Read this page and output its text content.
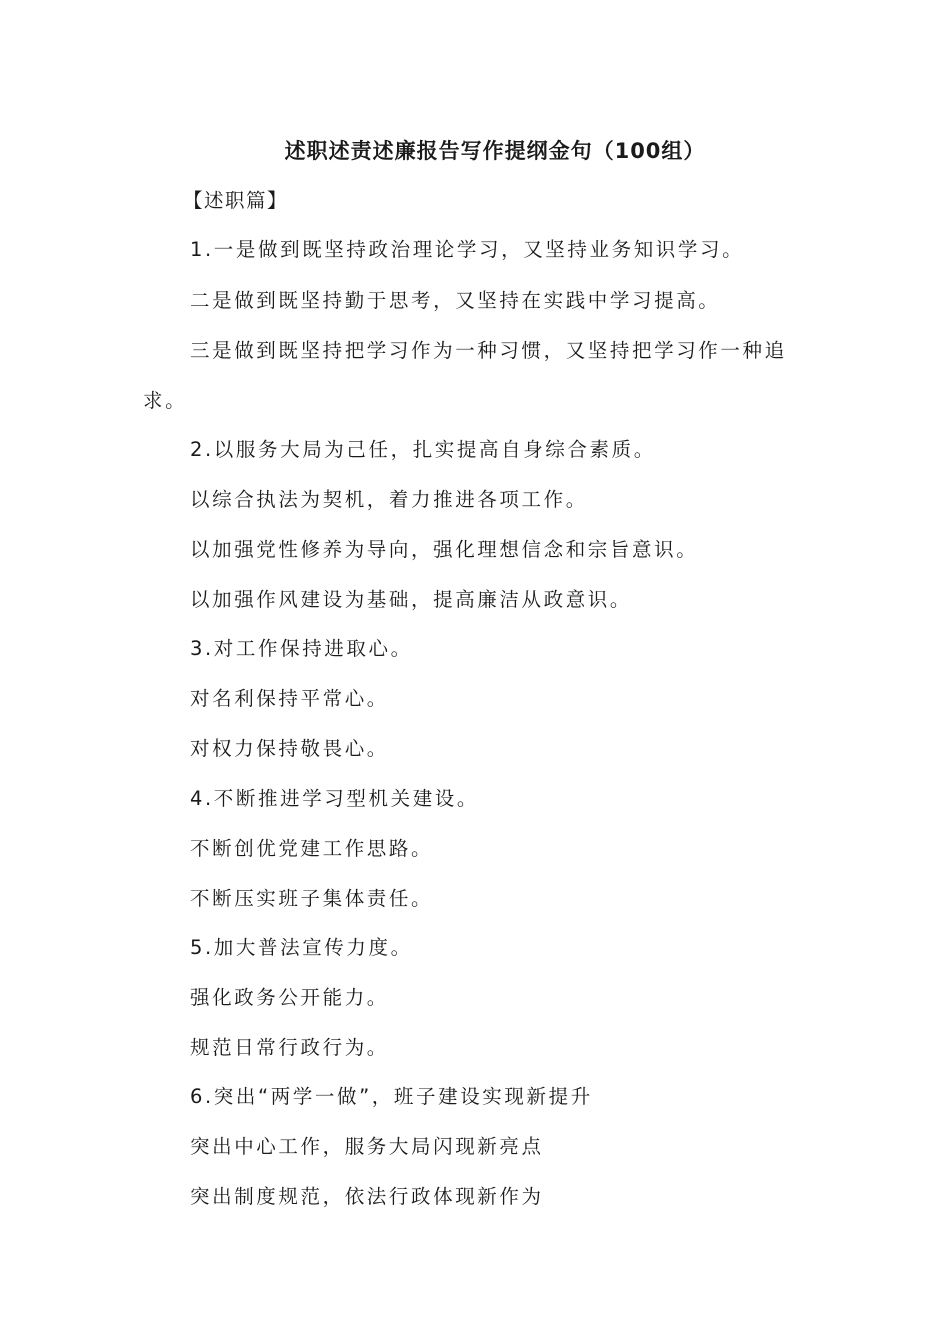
述职述责述廉报告写作提纲金句（100组）
【述职篇】
1.一是做到既坚持政治理论学习，又坚持业务知识学习。
二是做到既坚持勤于思考，又坚持在实践中学习提高。
三是做到既坚持把学习作为一种习惯，又坚持把学习作一种追
求。
2.以服务大局为己任，扎实提高自身综合素质。
以综合执法为契机，着力推进各项工作。
以加强党性修养为导向，强化理想信念和宗旨意识。
以加强作风建设为基础，提高廉洁从政意识。
3.对工作保持进取心。
对名利保持平常心。
对权力保持敬畏心。
4.不断推进学习型机关建设。
不断创优党建工作思路。
不断压实班子集体责任。
5.加大普法宣传力度。
强化政务公开能力。
规范日常行政行为。
6.突出“两学一做”，班子建设实现新提升
突出中心工作，服务大局闪现新亮点
突出制度规范，依法行政体现新作为
